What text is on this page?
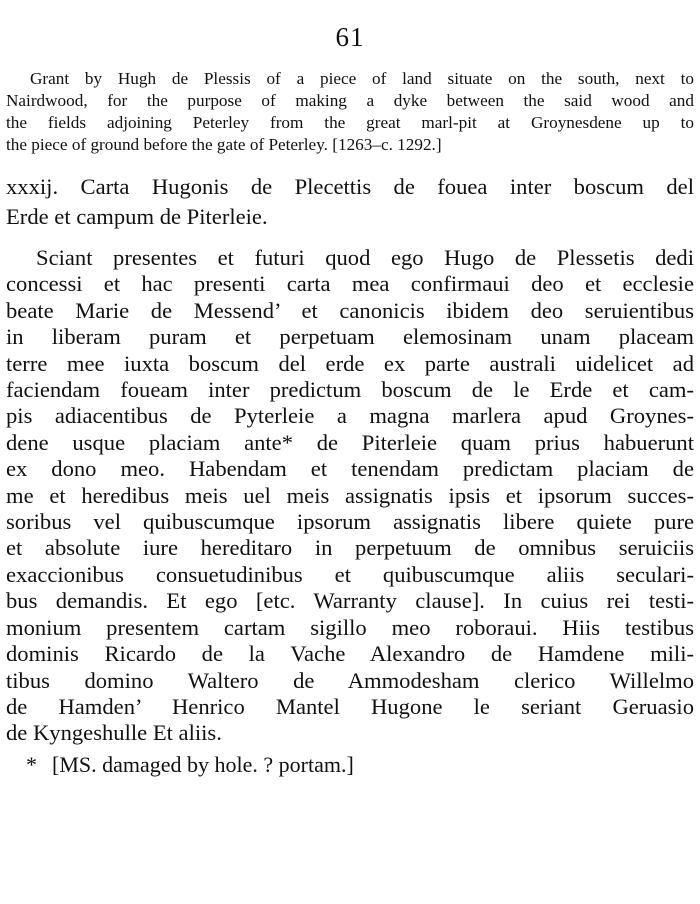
61
Grant by Hugh de Plessis of a piece of land situate on the south, next to
Nairdwood, for the purpose of making a dyke between the said wood and
the fields adjoining Peterley from the great marl-pit at Groynesdene up to
the piece of ground before the gate of Peterley. [1263–c. 1292.]
xxxij. Carta Hugonis de Plecettis de fouea inter boscum del
Erde et campum de Piterleie.
Sciant presentes et futuri quod ego Hugo de Plessetis dedi
concessi et hac presenti carta mea confirmaui deo et ecclesie
beate Marie de Messend’ et canonicis ibidem deo seruientibus
in liberam puram et perpetuam elemosinam unam placeam
terre mee iuxta boscum del erde ex parte australi uidelicet ad
faciendam foueam inter predictum boscum de le Erde et cam-
pis adiacentibus de Pyterleie a magna marlera apud Groynes-
dene usque placiam ante* de Piterleie quam prius habuerunt
ex dono meo. Habendam et tenendam predictam placiam de
me et heredibus meis uel meis assignatis ipsis et ipsorum succes-
soribus vel quibuscumque ipsorum assignatis libere quiete pure
et absolute iure hereditaro in perpetuum de omnibus seruiciis
exaccionibus consuetudinibus et quibuscumque aliis seculari-
bus demandis. Et ego [etc. Warranty clause]. In cuius rei testi-
monium presentem cartam sigillo meo roboraui. Hiis testibus
dominis Ricardo de la Vache Alexandro de Hamdene mili-
tibus domino Waltero de Ammodesham clerico Willelmo
de Hamden’ Henrico Mantel Hugone le seriant Geruasio
de Kyngeshulle Et aliis.
* [MS. damaged by hole. ? portam.]
